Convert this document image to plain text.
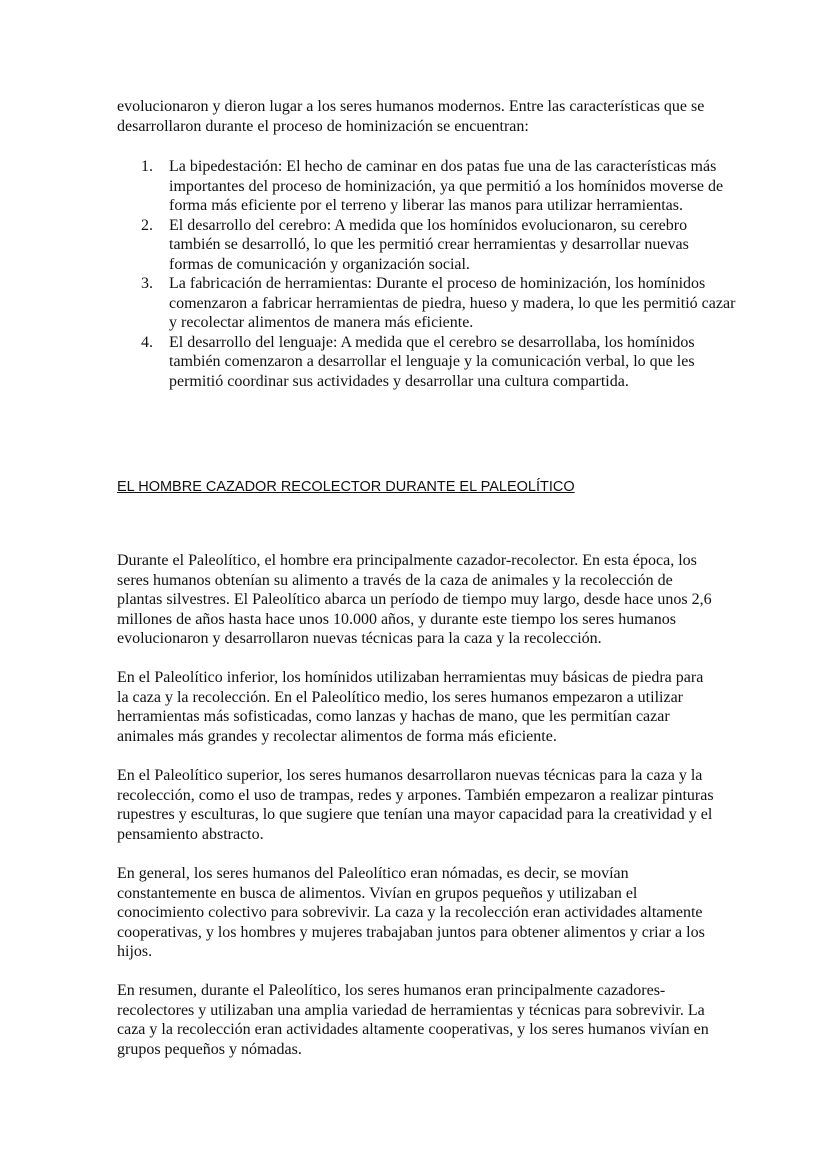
evolucionaron y dieron lugar a los seres humanos modernos. Entre las características que se desarrollaron durante el proceso de hominización se encuentran:

1. La bipedestación: El hecho de caminar en dos patas fue una de las características más importantes del proceso de hominización, ya que permitió a los homínidos moverse de forma más eficiente por el terreno y liberar las manos para utilizar herramientas.
2. El desarrollo del cerebro: A medida que los homínidos evolucionaron, su cerebro también se desarrolló, lo que les permitió crear herramientas y desarrollar nuevas formas de comunicación y organización social.
3. La fabricación de herramientas: Durante el proceso de hominización, los homínidos comenzaron a fabricar herramientas de piedra, hueso y madera, lo que les permitió cazar y recolectar alimentos de manera más eficiente.
4. El desarrollo del lenguaje: A medida que el cerebro se desarrollaba, los homínidos también comenzaron a desarrollar el lenguaje y la comunicación verbal, lo que les permitió coordinar sus actividades y desarrollar una cultura compartida.
EL HOMBRE CAZADOR RECOLECTOR DURANTE EL PALEOLÍTICO

Durante el Paleolítico, el hombre era principalmente cazador-recolector. En esta época, los seres humanos obtenían su alimento a través de la caza de animales y la recolección de plantas silvestres. El Paleolítico abarca un período de tiempo muy largo, desde hace unos 2,6 millones de años hasta hace unos 10.000 años, y durante este tiempo los seres humanos evolucionaron y desarrollaron nuevas técnicas para la caza y la recolección.

En el Paleolítico inferior, los homínidos utilizaban herramientas muy básicas de piedra para la caza y la recolección. En el Paleolítico medio, los seres humanos empezaron a utilizar herramientas más sofisticadas, como lanzas y hachas de mano, que les permitían cazar animales más grandes y recolectar alimentos de forma más eficiente.

En el Paleolítico superior, los seres humanos desarrollaron nuevas técnicas para la caza y la recolección, como el uso de trampas, redes y arpones. También empezaron a realizar pinturas rupestres y esculturas, lo que sugiere que tenían una mayor capacidad para la creatividad y el pensamiento abstracto.

En general, los seres humanos del Paleolítico eran nómadas, es decir, se movían constantemente en busca de alimentos. Vivían en grupos pequeños y utilizaban el conocimiento colectivo para sobrevivir. La caza y la recolección eran actividades altamente cooperativas, y los hombres y mujeres trabajaban juntos para obtener alimentos y criar a los hijos.

En resumen, durante el Paleolítico, los seres humanos eran principalmente cazadores-recolectores y utilizaban una amplia variedad de herramientas y técnicas para sobrevivir. La caza y la recolección eran actividades altamente cooperativas, y los seres humanos vivían en grupos pequeños y nómadas.
